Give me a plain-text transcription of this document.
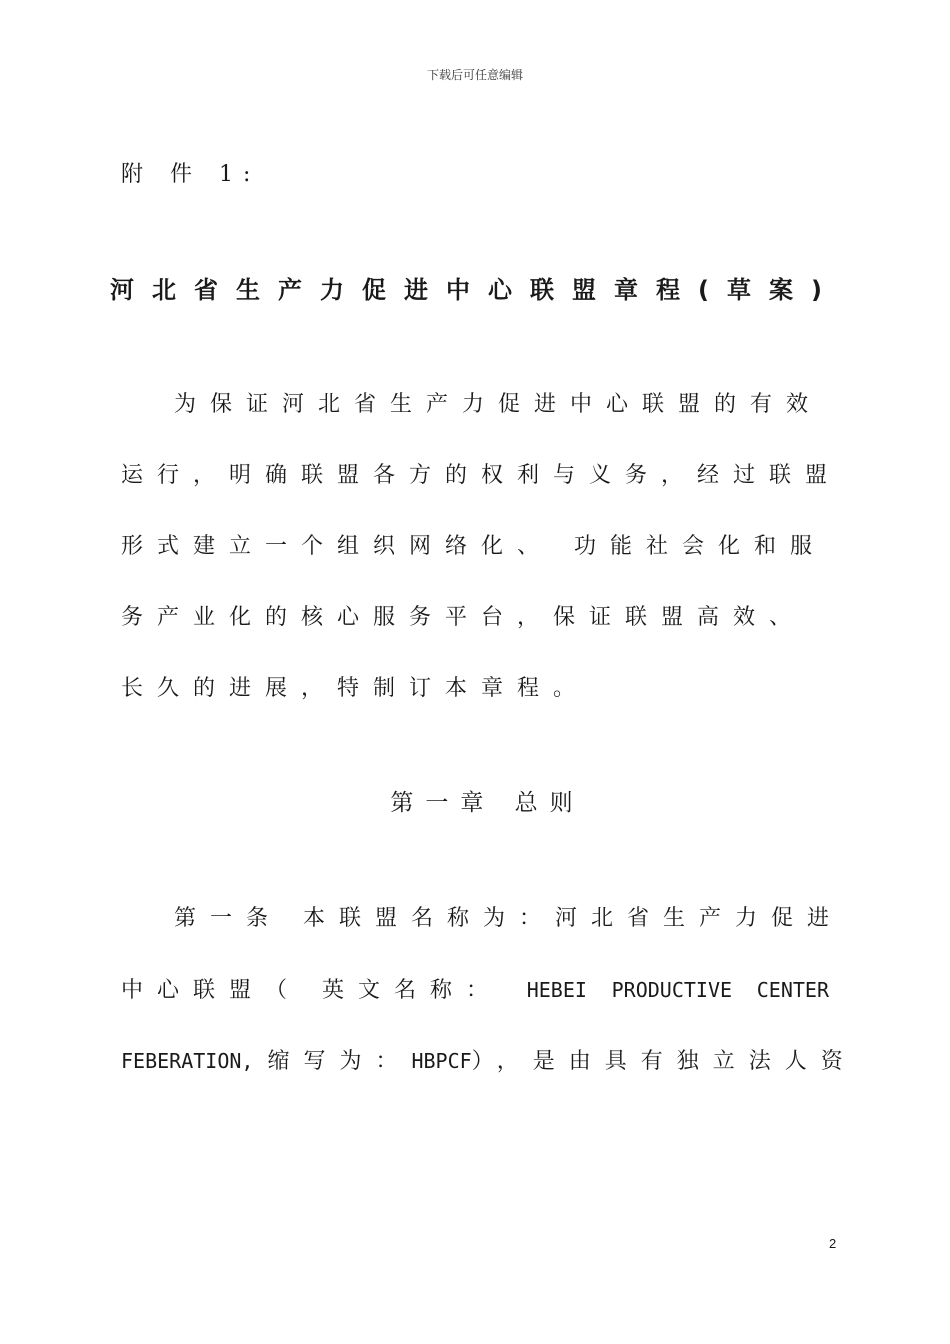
下载后可任意编辑
附 件 1:
河北省生产力促进中心联盟章程(草案)
为保证河北省生产力促进中心联盟的有效
运行，明确联盟各方的权利与义务，经过联盟
形式建立一个组织网络化、 功能社会化和服
务产业化的核心服务平台，保证联盟高效、
长久的进展，特制订本章程。
第一章 总则
第一条 本联盟名称为：河北省生产力促进
中心联盟（ 英文名称： HEBEI PRODUCTIVE CENTER
FEBERATION, 缩写为： HBPCF ），是由具有独立法人资
2
